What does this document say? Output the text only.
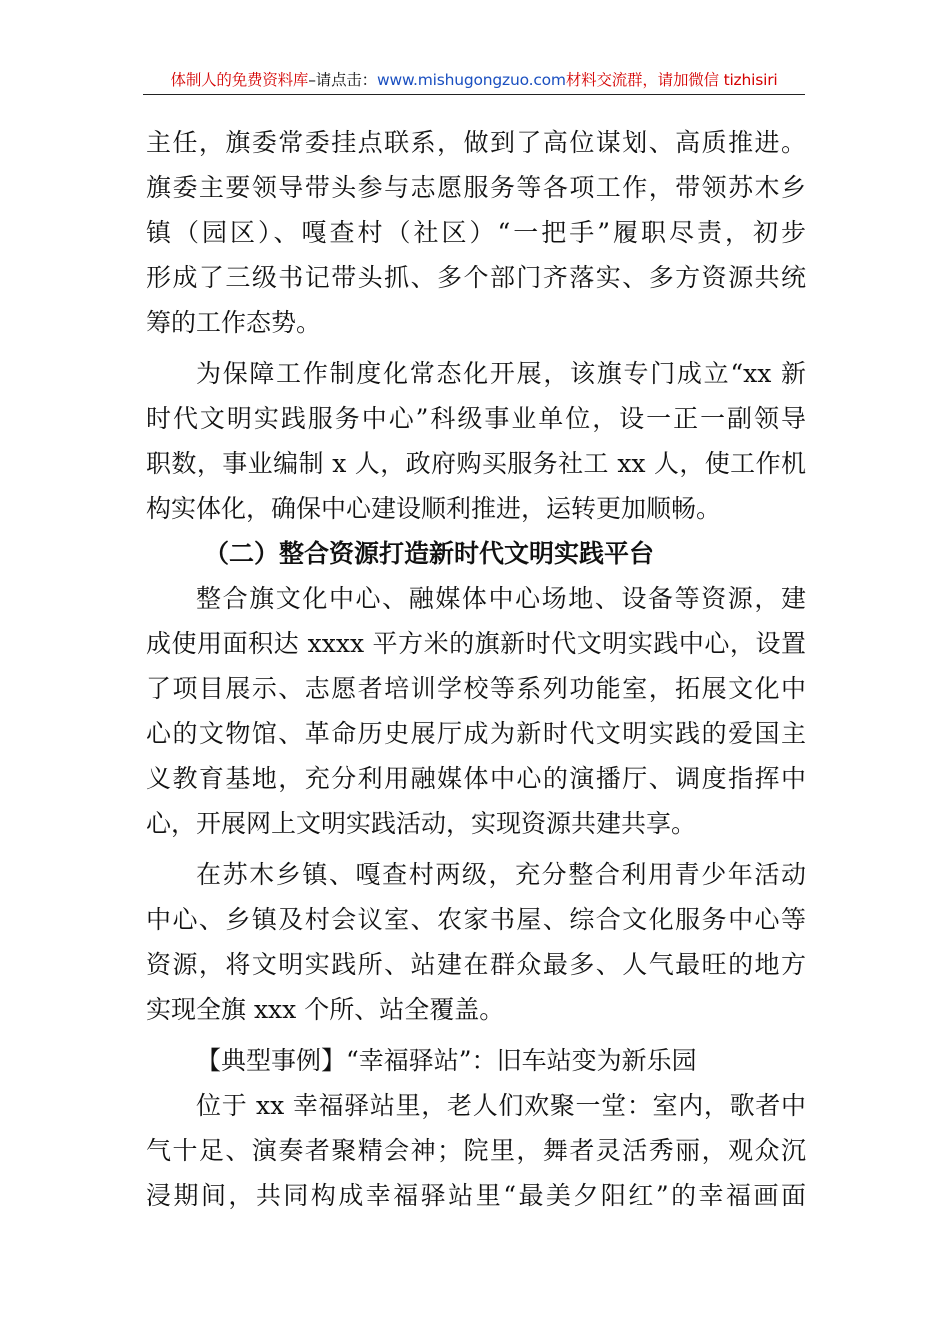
体制人的免费资料库–请点击：www.mishugongzuo.com材料交流群，请加微信 tizhisiri
主任，旗委常委挂点联系，做到了高位谋划、高质推进。
旗委主要领导带头参与志愿服务等各项工作，带领苏木乡
镇（园区）、嘎查村（社区）“一把手”履职尽责，初步
形成了三级书记带头抓、多个部门齐落实、多方资源共统
筹的工作态势。
为保障工作制度化常态化开展，该旗专门成立“xx 新
时代文明实践服务中心”科级事业单位，设一正一副领导
职数，事业编制 x 人，政府购买服务社工 xx 人，使工作机
构实体化，确保中心建设顺利推进，运转更加顺畅。
（二）整合资源打造新时代文明实践平台
整合旗文化中心、融媒体中心场地、设备等资源，建
成使用面积达 xxxx 平方米的旗新时代文明实践中心，设置
了项目展示、志愿者培训学校等系列功能室，拓展文化中
心的文物馆、革命历史展厅成为新时代文明实践的爱国主
义教育基地，充分利用融媒体中心的演播厅、调度指挥中
心，开展网上文明实践活动，实现资源共建共享。
在苏木乡镇、嘎查村两级，充分整合利用青少年活动
中心、乡镇及村会议室、农家书屋、综合文化服务中心等
资源，将文明实践所、站建在群众最多、人气最旺的地方
实现全旗 xxx 个所、站全覆盖。
【典型事例】“幸福驿站”：旧车站变为新乐园
位于 xx 幸福驿站里，老人们欢聚一堂：室内，歌者中
气十足、演奏者聚精会神；院里，舞者灵活秀丽，观众沉
浸期间，共同构成幸福驿站里“最美夕阳红”的幸福画面
